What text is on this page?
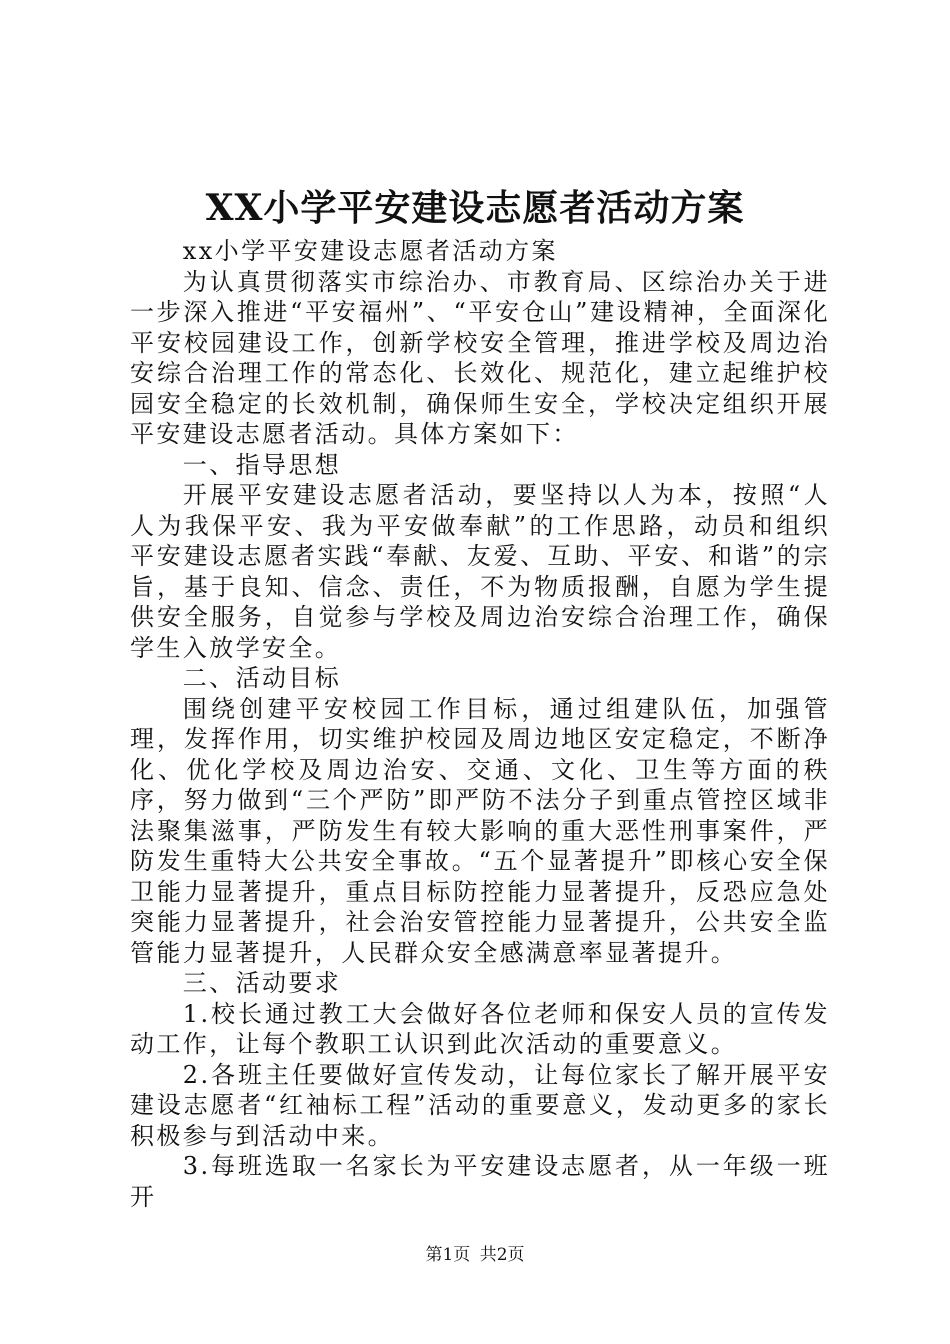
XX小学平安建设志愿者活动方案

xx小学平安建设志愿者活动方案

为认真贯彻落实市综治办、市教育局、区综治办关于进一步深入推进“平安福州”、“平安仓山”建设精神，全面深化平安校园建设工作，创新学校安全管理，推进学校及周边治安综合治理工作的常态化、长效化、规范化，建立起维护校园安全稳定的长效机制，确保师生安全，学校决定组织开展平安建设志愿者活动。具体方案如下：

一、指导思想

开展平安建设志愿者活动，要坚持以人为本，按照“人人为我保平安、我为平安做奉献”的工作思路，动员和组织平安建设志愿者实践“奉献、友爱、互助、平安、和谐”的宗旨，基于良知、信念、责任，不为物质报酬，自愿为学生提供安全服务，自觉参与学校及周边治安综合治理工作，确保学生入放学安全。

二、活动目标

围绕创建平安校园工作目标，通过组建队伍，加强管理，发挥作用，切实维护校园及周边地区安定稳定，不断净化、优化学校及周边治安、交通、文化、卫生等方面的秩序，努力做到“三个严防”即严防不法分子到重点管控区域非法聚集滋事，严防发生有较大影响的重大恶性刑事案件，严防发生重特大公共安全事故。“五个显著提升”即核心安全保卫能力显著提升，重点目标防控能力显著提升，反恐应急处突能力显著提升，社会治安管控能力显著提升，公共安全监管能力显著提升，人民群众安全感满意率显著提升。

三、活动要求

1.校长通过教工大会做好各位老师和保安人员的宣传发动工作，让每个教职工认识到此次活动的重要意义。

2.各班主任要做好宣传发动，让每位家长了解开展平安建设志愿者“红袖标工程”活动的重要意义，发动更多的家长积极参与到活动中来。

3.每班选取一名家长为平安建设志愿者，从一年级一班开

第1页 共2页
